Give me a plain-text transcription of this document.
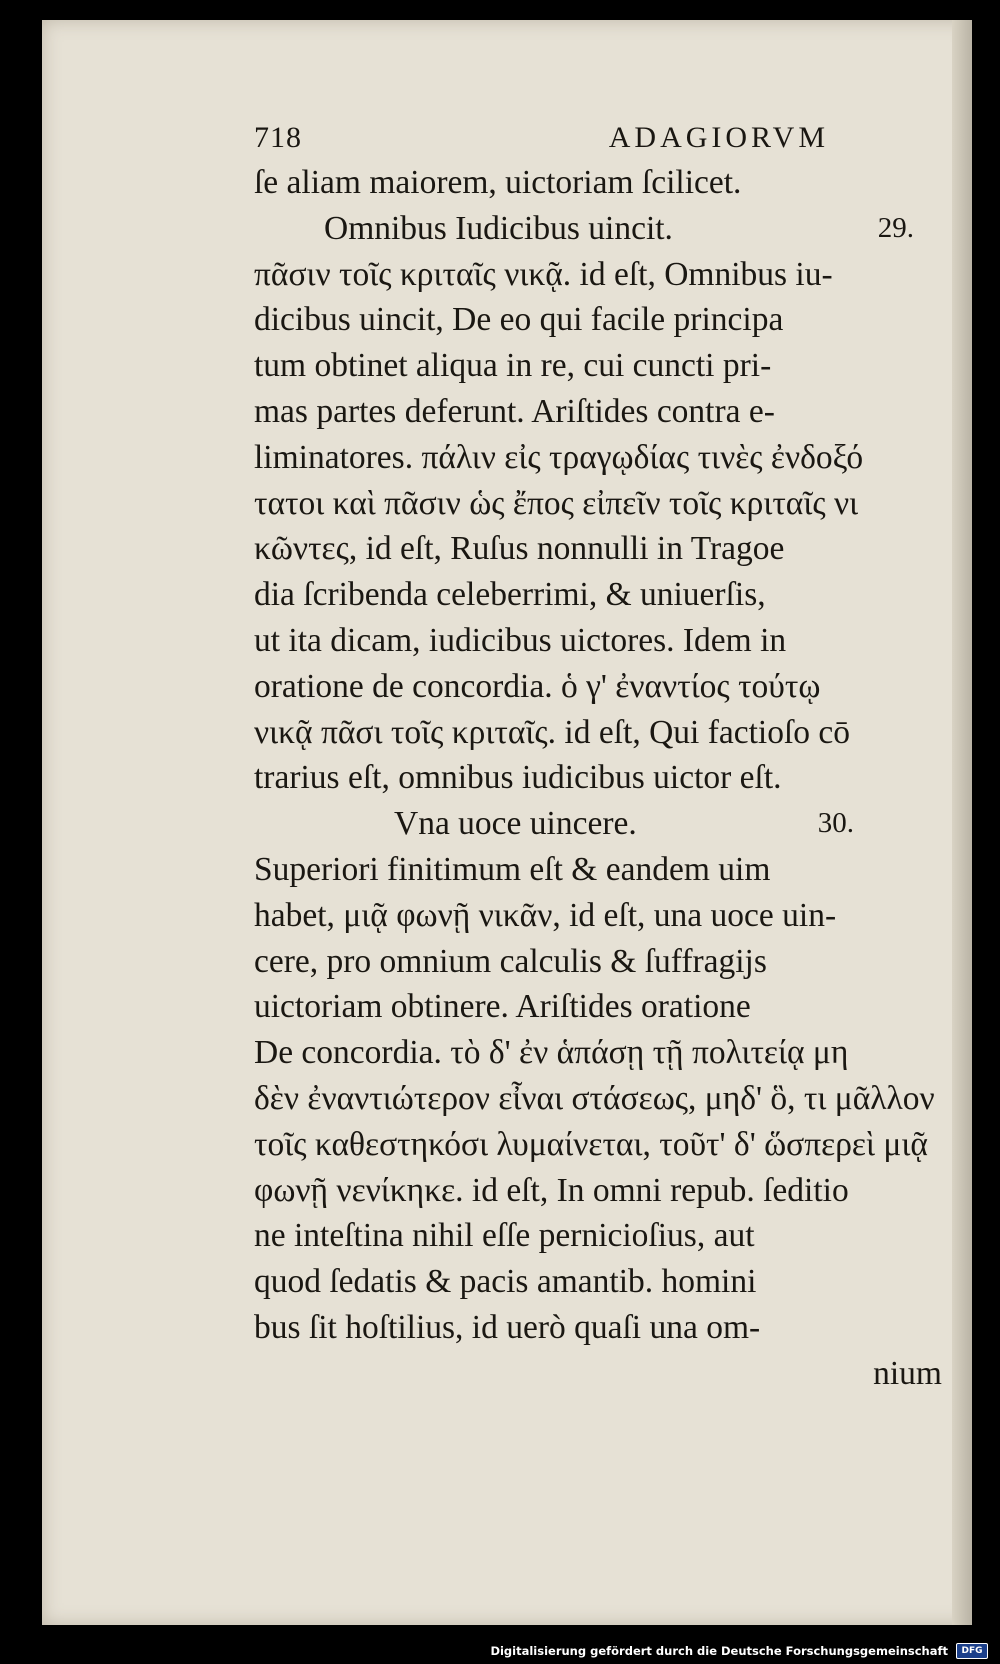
718	ADAGIORVM
ſe aliam maiorem, uictoriam ſcilicet.
Omnibus Iudicibus uincit.	29.
πᾶσιν τοῖς κριταῖς νικᾷ. id eſt, Omnibus iu-
dicibus uincit, De eo qui facile principa
tum obtinet aliqua in re, cui cuncti pri-
mas partes deferunt. Ariſtides contra e-
liminatores. πάλιν εἰς τραγῳδίας τινὲς ἐνδοξό
τατοι καὶ πᾶσιν ὡς ἔπος εἰπεῖν τοῖς κριταῖς νι
κῶντες, id eſt, Ruſus nonnulli in Tragoe
dia ſcribenda celeberrimi, & uniuerſis,
ut ita dicam, iudicibus uictores. Idem in
oratione de concordia. ὁ γ' ἐναντίος τούτῳ
νικᾷ πᾶσι τοῖς κριταῖς. id eſt, Qui factioſo cō
trarius eſt, omnibus iudicibus uictor eſt.
Vna uoce uincere.	30.
Superiori finitimum eſt & eandem uim
habet, μιᾷ φωνῇ νικᾶν, id eſt, una uoce uin-
cere, pro omnium calculis & ſuffragijs
uictoriam obtinere. Ariſtides oratione
De concordia. τὸ δ' ἐν ἁπάσῃ τῇ πολιτείᾳ μη
δὲν ἐναντιώτερον εἶναι στάσεως, μηδ' ὃ, τι μᾶλλον
τοῖς καθεστηκόσι λυμαίνεται, τοῦτ' δ' ὥσπερεὶ μιᾷ
φωνῇ νενίκηκε. id eſt, In omni repub. ſeditio
ne inteſtina nihil eſſe pernicioſius, aut
quod ſedatis & pacis amantib. homini
bus ſit hoſtilius, id uerò quaſi una om-
nium
Digitalisierung gefördert durch die Deutsche Forschungsgemeinschaft	DFG
